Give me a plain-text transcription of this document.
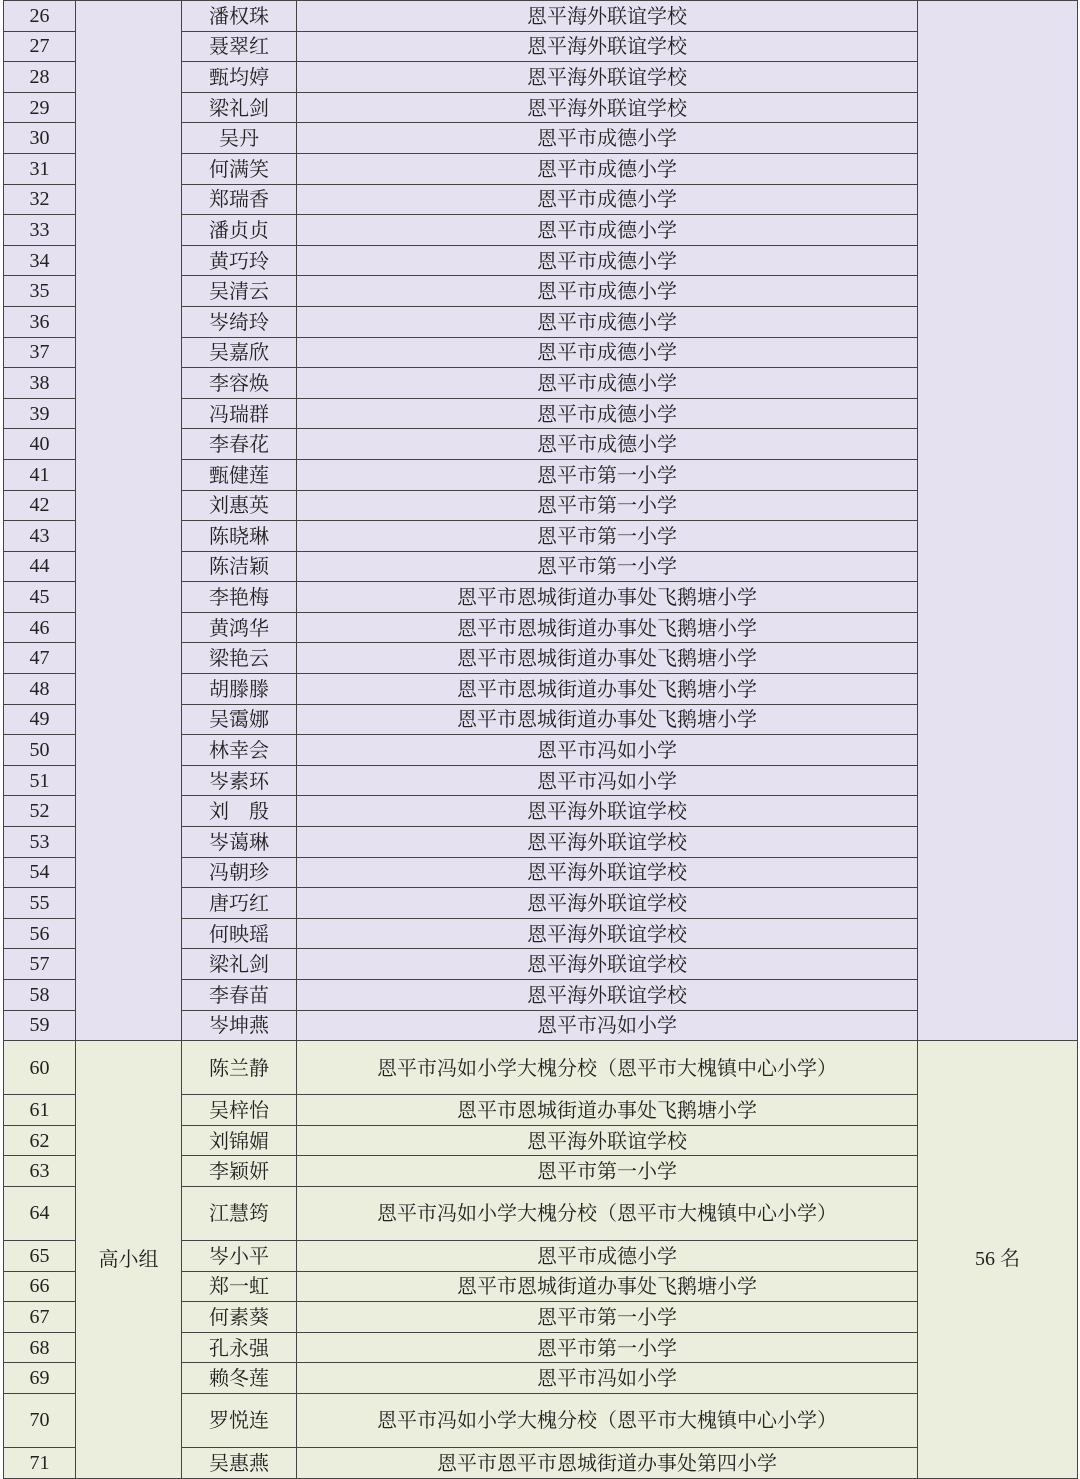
26		潘权珠	恩平海外联谊学校	
27		聂翠红	恩平海外联谊学校	
28		甄均婷	恩平海外联谊学校	
29		梁礼剑	恩平海外联谊学校	
30		吴丹	恩平市成德小学	
31		何满笑	恩平市成德小学	
32		郑瑞香	恩平市成德小学	
33		潘贞贞	恩平市成德小学	
34		黄巧玲	恩平市成德小学	
35		吴清云	恩平市成德小学	
36		岑绮玲	恩平市成德小学	
37		吴嘉欣	恩平市成德小学	
38		李容焕	恩平市成德小学	
39		冯瑞群	恩平市成德小学	
40		李春花	恩平市成德小学	
41		甄健莲	恩平市第一小学	
42		刘惠英	恩平市第一小学	
43		陈晓琳	恩平市第一小学	
44		陈洁颖	恩平市第一小学	
45		李艳梅	恩平市恩城街道办事处飞鹅塘小学	
46		黄鸿华	恩平市恩城街道办事处飞鹅塘小学	
47		梁艳云	恩平市恩城街道办事处飞鹅塘小学	
48		胡滕滕	恩平市恩城街道办事处飞鹅塘小学	
49		吴霭娜	恩平市恩城街道办事处飞鹅塘小学	
50		林幸会	恩平市冯如小学	
51		岑素环	恩平市冯如小学	
52		刘　殷	恩平海外联谊学校	
53		岑蔼琳	恩平海外联谊学校	
54		冯朝珍	恩平海外联谊学校	
55		唐巧红	恩平海外联谊学校	
56		何映瑶	恩平海外联谊学校	
57		梁礼剑	恩平海外联谊学校	
58		李春苗	恩平海外联谊学校	
59		岑坤燕	恩平市冯如小学	
60	高小组	陈兰静	恩平市冯如小学大槐分校（恩平市大槐镇中心小学）	56 名
61		吴梓怡	恩平市恩城街道办事处飞鹅塘小学	
62		刘锦媚	恩平海外联谊学校	
63		李颖妍	恩平市第一小学	
64		江慧筠	恩平市冯如小学大槐分校（恩平市大槐镇中心小学）	
65		岑小平	恩平市成德小学	
66		郑一虹	恩平市恩城街道办事处飞鹅塘小学	
67		何素葵	恩平市第一小学	
68		孔永强	恩平市第一小学	
69		赖冬莲	恩平市冯如小学	
70		罗悦连	恩平市冯如小学大槐分校（恩平市大槐镇中心小学）	
71		吴惠燕	恩平市恩平市恩城街道办事处第四小学	
